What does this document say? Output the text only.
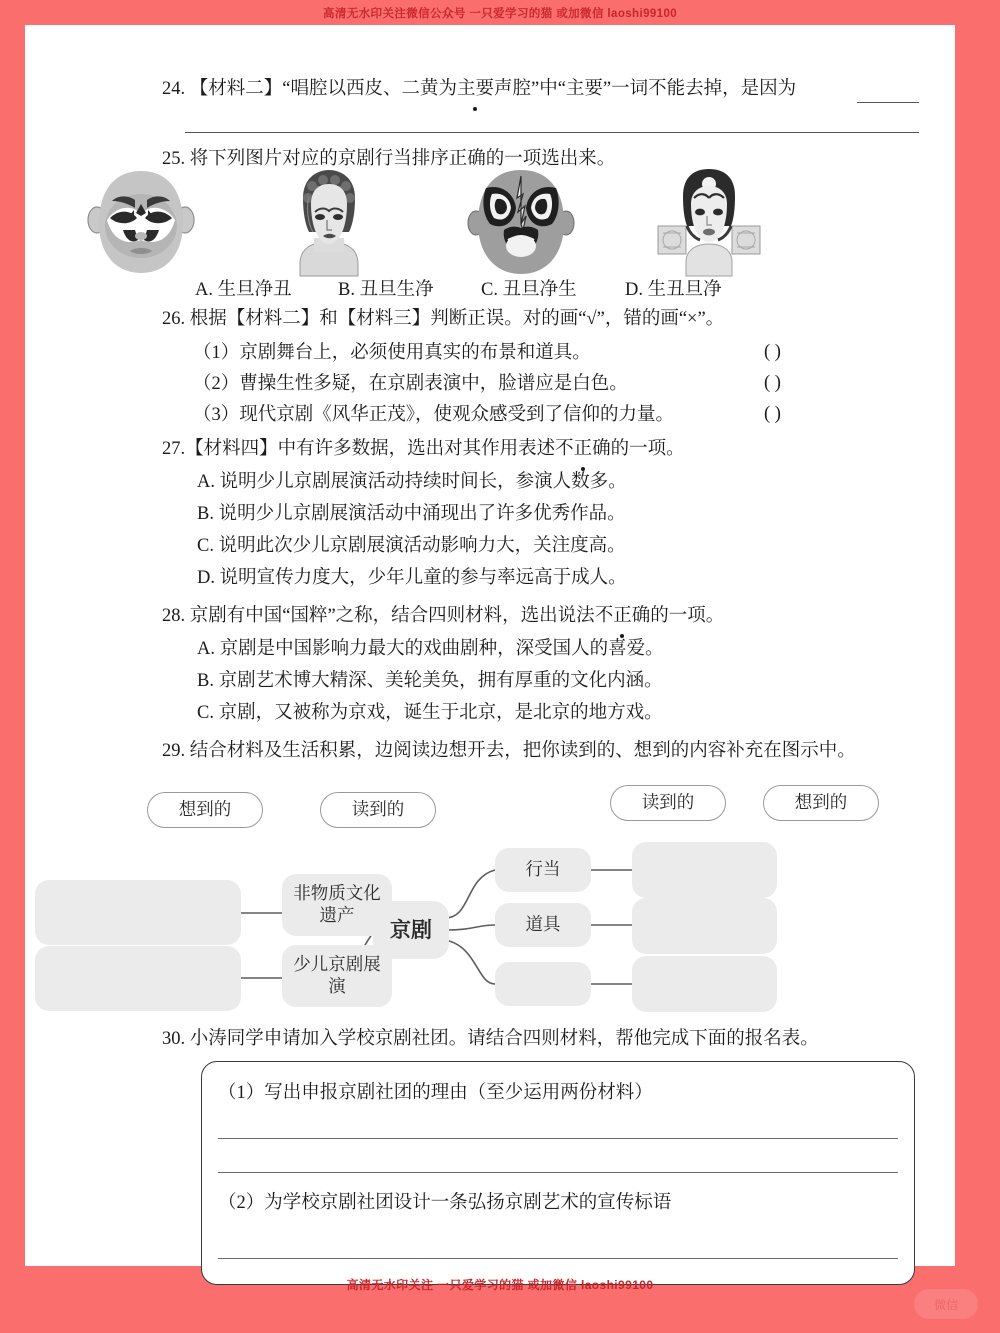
高清无水印关注微信公众号 一只爱学习的猫 或加微信 laoshi99100
24. 【材料二】“唱腔以西皮、二黄为主要声腔”中“主要”一词不能去掉，是因为
25. 将下列图片对应的京剧行当排序正确的一项选出来。
A. 生旦净丑	B. 丑旦生净	C. 丑旦净生	D. 生丑旦净
26. 根据【材料二】和【材料三】判断正误。对的画“√”，错的画“×”。
（1）京剧舞台上，必须使用真实的布景和道具。	( )
（2）曹操生性多疑，在京剧表演中，脸谱应是白色。	( )
（3）现代京剧《风华正茂》，使观众感受到了信仰的力量。	( )
27.【材料四】中有许多数据，选出对其作用表述不正确的一项。
A. 说明少儿京剧展演活动持续时间长，参演人数多。
B. 说明少儿京剧展演活动中涌现出了许多优秀作品。
C. 说明此次少儿京剧展演活动影响力大，关注度高。
D. 说明宣传力度大，少年儿童的参与率远高于成人。
28. 京剧有中国“国粹”之称，结合四则材料，选出说法不正确的一项。
A. 京剧是中国影响力最大的戏曲剧种，深受国人的喜爱。
B. 京剧艺术博大精深、美轮美奂，拥有厚重的文化内涵。
C. 京剧，又被称为京戏，诞生于北京，是北京的地方戏。
29. 结合材料及生活积累，边阅读边想开去，把你读到的、想到的内容补充在图示中。
想到的	读到的	读到的	想到的
非物质文化遗产
少儿京剧展演
京剧
行当
道具
30. 小涛同学申请加入学校京剧社团。请结合四则材料，帮他完成下面的报名表。
（1）写出申报京剧社团的理由（至少运用两份材料）
（2）为学校京剧社团设计一条弘扬京剧艺术的宣传标语
高清无水印关注 一只爱学习的猫 或加微信 laoshi99100
微信
